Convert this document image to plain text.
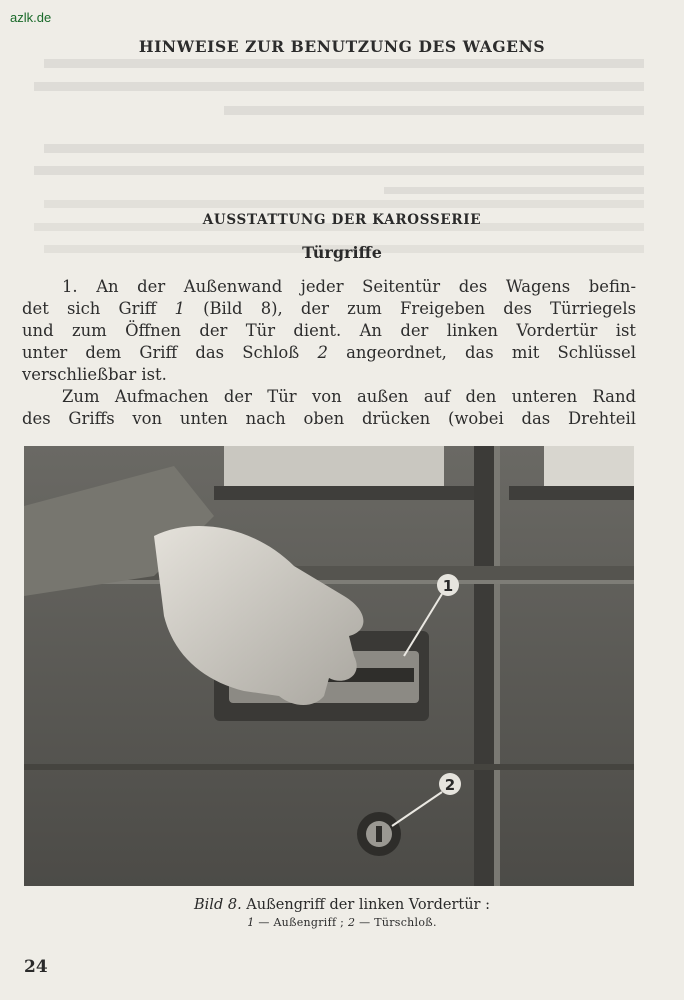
azlk.de
HINWEISE ZUR BENUTZUNG DES WAGENS
AUSSTATTUNG DER KAROSSERIE
Türgriffe
1. An der Außenwand jeder Seitentür des Wagens befin-
det sich Griff 1 (Bild 8), der zum Freigeben des Türriegels
und zum Öffnen der Tür dient. An der linken Vordertür ist
unter dem Griff das Schloß 2 angeordnet, das mit Schlüssel
verschließbar ist.
Zum Aufmachen der Tür von außen auf den unteren Rand
des Griffs von unten nach oben drücken (wobei das Drehteil
1
2
Bild 8. Außengriff der linken Vordertür :
1 — Außengriff ; 2 — Türschloß.
24
